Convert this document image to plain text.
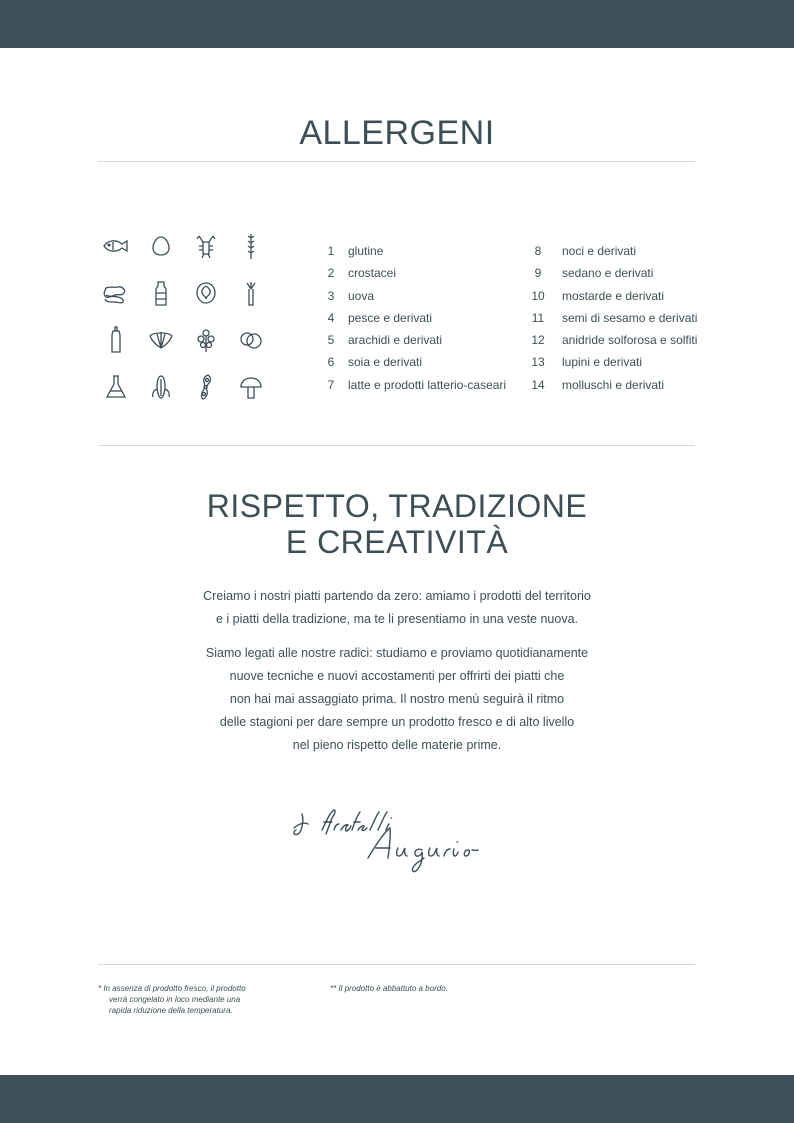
ALLERGENI
1	glutine
2	crostacei
3	uova
4	pesce e derivati
5	arachidi e derivati
6	soia e derivati
7	latte e prodotti latterio-caseari
8	noci e derivati
9	sedano e derivati
10	mostarde e derivati
11	semi di sesamo e derivati
12	anidride solforosa e solfiti
13	lupini e derivati
14	molluschi e derivati
RISPETTO, TRADIZIONE
E CREATIVITÀ
Creiamo i nostri piatti partendo da zero: amiamo i prodotti del territorio
e i piatti della tradizione, ma te li presentiamo in una veste nuova.
Siamo legati alle nostre radici: studiamo e proviamo quotidianamente
nuove tecniche e nuovi accostamenti per offrirti dei piatti che
non hai mai assaggiato prima. Il nostro menù seguirà il ritmo
delle stagioni per dare sempre un prodotto fresco e di alto livello
nel pieno rispetto delle materie prime.
* In assenza di prodotto fresco, il prodotto
verrà congelato in loco mediante una
rapida riduzione della temperatura.
** Il prodotto è abbattuto a bordo.
